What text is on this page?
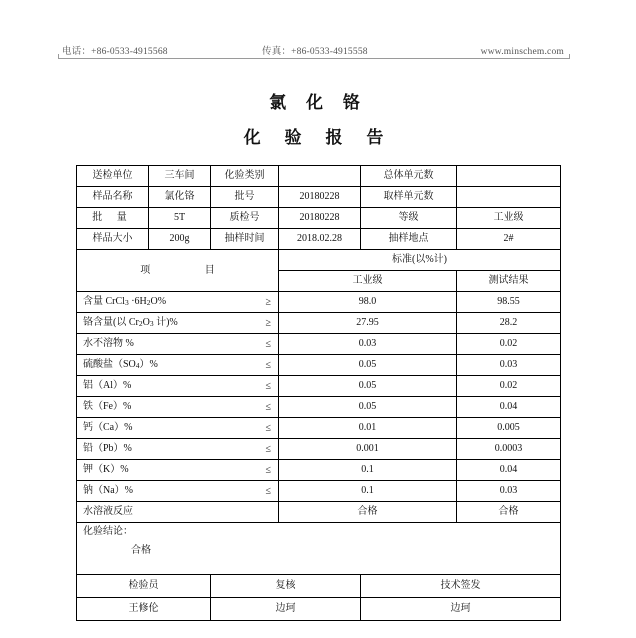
电话：+86-0533-4915568	传真：+86-0533-4915558	www.minschem.com
氯 化 铬
化 验 报 告
送检单位	三车间	化验类别		总体单元数	
样品名称	氯化铬	批号	20180228	取样单元数	
批 量	5T	质检号	20180228	等级	工业级
样品大小	200g	抽样时间	2018.02.28	抽样地点	2#
项 目			标准(以%计)		
			工业级		测试结果
含量 CrCl$_3$ $\cdot 6H_2O\%$ ≥			98.0		98.55
铬含量(以 $Cr_2O_3$ 计)% ≥			27.95		28.2
水不溶物 % ≤			0.03		0.02
硫酸盐$(SO_4)\%$ ≤			0.05		0.03
铝（Al）% ≤			0.05		0.02
铁（Fe）% ≤			0.05		0.04
钙（Ca）% ≤			0.01		0.005
铅（Pb）% ≤			0.001		0.0003
钾（K）% ≤			0.1		0.04
钠（Na）% ≤			0.1		0.03
水溶液反应			合格		合格

化验结论：
合格					

检验员		复核		技术签发	
王修伦		边珂		边珂	
